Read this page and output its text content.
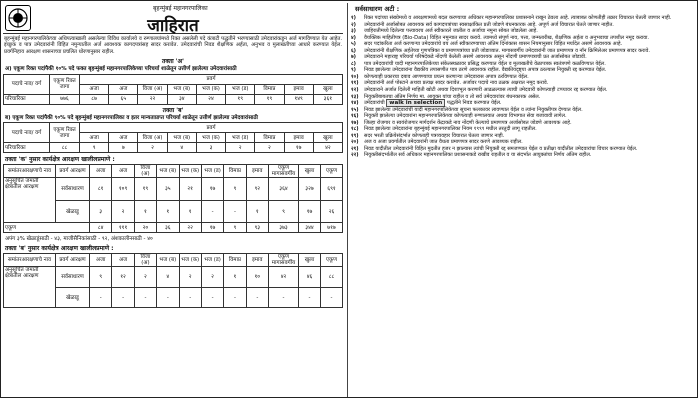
बृहन्मुंबई महानगरपालिका
जाहिरात
बृहन्मुंबई महानगरपालिकेच्या अधिपत्याखाली असलेल्या विविध कार्यालये व रुग्णालयांमध्ये रिक्त असलेली पदे कंत्राटी पद्धतीने भरण्यासाठी उमेदवारांकडून अर्ज मागविण्यात येत आहेत. इच्छुक व पात्र उमेदवारांनी विहित नमुन्यातील अर्ज आवश्यक कागदपत्रांसह सादर करावेत. उमेदवारांची निवड शैक्षणिक अर्हता, अनुभव व मुलाखतीच्या आधारे करण्यात येईल. प्रवर्गनिहाय आरक्षण शासनाच्या प्रचलित धोरणानुसार राहील.
तक्ता 'अ'
अ) एकूण रिक्त पदांपैकी १०% पदे फक्त बृहन्मुंबई महानगरपालिकेच्या परिचर्या शाळेतून उत्तीर्ण झालेल्या उमेदवारांसाठी
पदाचे नाव/ वर्ग	एकूण रिक्त जागा	प्रवर्ग								
		अजा	अज	विजा (अ)	भज (ब)	भज (क)	भज (ड)	विमाप्र	इमाव	खुला
परिचारिका	७७६	८७	६५	२२	३४	२४	१९	१९	१४९	३६१
तक्ता 'ब'
ब) एकूण रिक्त पदांपैकी ९०% पदे बृहन्मुंबई महानगरपालिका व इतर मान्यताप्राप्त परिचर्या शाळेतून उत्तीर्ण झालेल्या उमेदवारांसाठी
पदाचे नाव/ वर्ग	एकूण रिक्त जागा	प्रवर्ग								
		अजा	अज	विजा (अ)	भज (ब)	भज (क)	भज (ड)	विमाप्र	इमाव	खुला
परिचारिका	८८	९	७	२	४	३	२	२	१७	४२
तक्ता 'क' नुसार कार्यक्षेत्र आरक्षण खालीलप्रमाणे :
समांतरआरक्षणाचे नाव	प्रवर्ग आरक्षण	अजा	अज	विजा (अ)	भज (ब)	भज (क)	भज (ड)	विमाप्र	इमाव	एकूण मागासवर्गीय	खुला	एकूण
अनुसूचित जमाती क्षेत्रातील आरक्षण	सर्वसाधारण	८१	१०९	१९	३५	२१	१७	९	९२	३६४	३२७	६९१
	खेळाडू	३	२	१	१	१	-	-	१	९	१७	२६
एकूण		८४	१११	२०	३६	२२	१७	९	९३	३७३	३४४	७१७
अपंग ३% खेळाडूंसाठी - ४३, माजीसैनिकांसाठी - ९२, अंशकालीनसाठी - ४०
तक्ता 'ब' नुसार कार्यक्षेत्र आरक्षण खालीलप्रमाणे :
समांतरआरक्षणाचे नाव	प्रवर्ग आरक्षण	अजा	अज	विजा (अ)	भज (ब)	भज (क)	भज (ड)	विमाप्र	इमाव	एकूण मागासवर्गीय	खुला	एकूण
अनुसूचित जमाती क्षेत्रातील आरक्षण	सर्वसाधारण	९	१२	२	४	२	२	१	१०	४२	४६	८८
	खेळाडू	-	-	-	-	-	-	-	-	-	-	-
सर्वसाधारण अटी :
१)	रिक्त पदांच्या संख्येमध्ये व आरक्षणामध्ये बदल करण्याचा अधिकार महानगरपालिका प्रशासनाने राखून ठेवला आहे. त्याबाबत कोणतीही तक्रार विचारात घेतली जाणार नाही.
२)	उमेदवारांनी अर्जासोबत आवश्यक सर्व कागदपत्रांच्या स्वसाक्षांकित प्रती जोडणे बंधनकारक आहे. अपूर्ण अर्ज विचारात घेतले जाणार नाहीत.
३)	जाहिरातीमध्ये दिलेल्या पत्त्यावरच अर्ज स्वीकारले जातील व अर्जाचा नमुना सोबत जोडलेला आहे.
४)	वैयक्तिक माहितीपत्र (Bio-Data) विहित नमुन्यात सादर करावे. त्यामध्ये संपूर्ण नाव, पत्ता, जन्मतारीख, शैक्षणिक अर्हता व अनुभवाचा तपशील नमूद करावा.
५)	सदर पदांकरिता अर्ज करणाऱ्या उमेदवारांचे वय अर्ज स्वीकारण्याच्या अंतिम दिनांकास शासन नियमानुसार विहित मर्यादेत असणे आवश्यक आहे.
६)	उमेदवारांनी शैक्षणिक अर्हतेच्या गुणपत्रिका व प्रमाणपत्रांच्या प्रती जोडाव्यात. मागासवर्गीय उमेदवारांनी जात प्रमाणपत्र व नॉन क्रिमिलेअर प्रमाणपत्र सादर करावे.
७)	उमेदवाराने महाराष्ट्र परिचर्या परिषदेकडे नोंदणी केलेली असणे आवश्यक असून नोंदणी प्रमाणपत्राची प्रत अर्जासोबत जोडावी.
८)	पात्र उमेदवारांची यादी महानगरपालिकेच्या संकेतस्थळावर प्रसिद्ध करण्यात येईल व मुलाखतीचे वेळापत्रक स्वतंत्रपणे कळविण्यात येईल.
९)	निवड झालेल्या उमेदवारांना वैद्यकीय तपासणीत पात्र ठरणे आवश्यक राहील. वैद्यकीयदृष्ट्या अपात्र ठरल्यास नियुक्ती रद्द करण्यात येईल.
१०)	कोणत्याही प्रकारचा दबाव आणण्याचा प्रयत्न करणाऱ्या उमेदवारास अपात्र ठरविण्यात येईल.
११)	उमेदवारांनी अर्ज पोस्टाने अथवा प्रत्यक्ष सादर करावेत. अर्जावर पदाचे नाव ठळक अक्षरात नमूद करावे.
१२)	उमेदवाराने अर्जात दिलेली माहिती खोटी अथवा दिशाभूल करणारी आढळल्यास त्याची उमेदवारी कोणत्याही टप्प्यावर रद्द करण्यात येईल.
१३)	नियुक्तीबाबतचा अंतिम निर्णय मा. आयुक्त यांचा राहील व तो सर्व उमेदवारांवर बंधनकारक असेल.
१४)	उमेदवारांची walk in selection पद्धतीने निवड करण्यात येईल.
१५)	निवड झालेल्या उमेदवारांची यादी महानगरपालिकेच्या सूचना फलकावर लावण्यात येईल व त्यांना नियुक्तीपत्र देण्यात येईल.
१६)	नियुक्ती झालेल्या उमेदवारांना महानगरपालिकेच्या कोणत्याही रुग्णालयात अथवा विभागात सेवा बजावावी लागेल.
१७)	जिल्हा रोजगार व स्वयंरोजगार मार्गदर्शन केंद्राकडे नाव नोंदणी केल्याचे प्रमाणपत्र अर्जासोबत जोडणे आवश्यक आहे.
१८)	निवड झालेल्या उमेदवारांना बृहन्मुंबई महानगरपालिका नियम १९९९ मधील तरतुदी लागू राहतील.
१९)	सदर भरती प्रक्रियेसंदर्भात कोणताही पत्रव्यवहार विचारात घेतला जाणार नाही.
२०)	अज व अजा प्रवर्गातील उमेदवारांनी जात वैधता प्रमाणपत्र सादर करणे आवश्यक राहील.
२१)	निवड यादीतील उमेदवारांनी विहित मुदतीत हजर न झाल्यास त्यांची नियुक्ती रद्द समजण्यात येईल व प्रतीक्षा यादीतील उमेदवारांचा विचार करण्यात येईल.
२२)	नियुक्तीसंदर्भातील सर्व अधिकार महानगरपालिका प्रशासनाकडे राखीव राहतील व या संदर्भात आयुक्तांचा निर्णय अंतिम राहील.
